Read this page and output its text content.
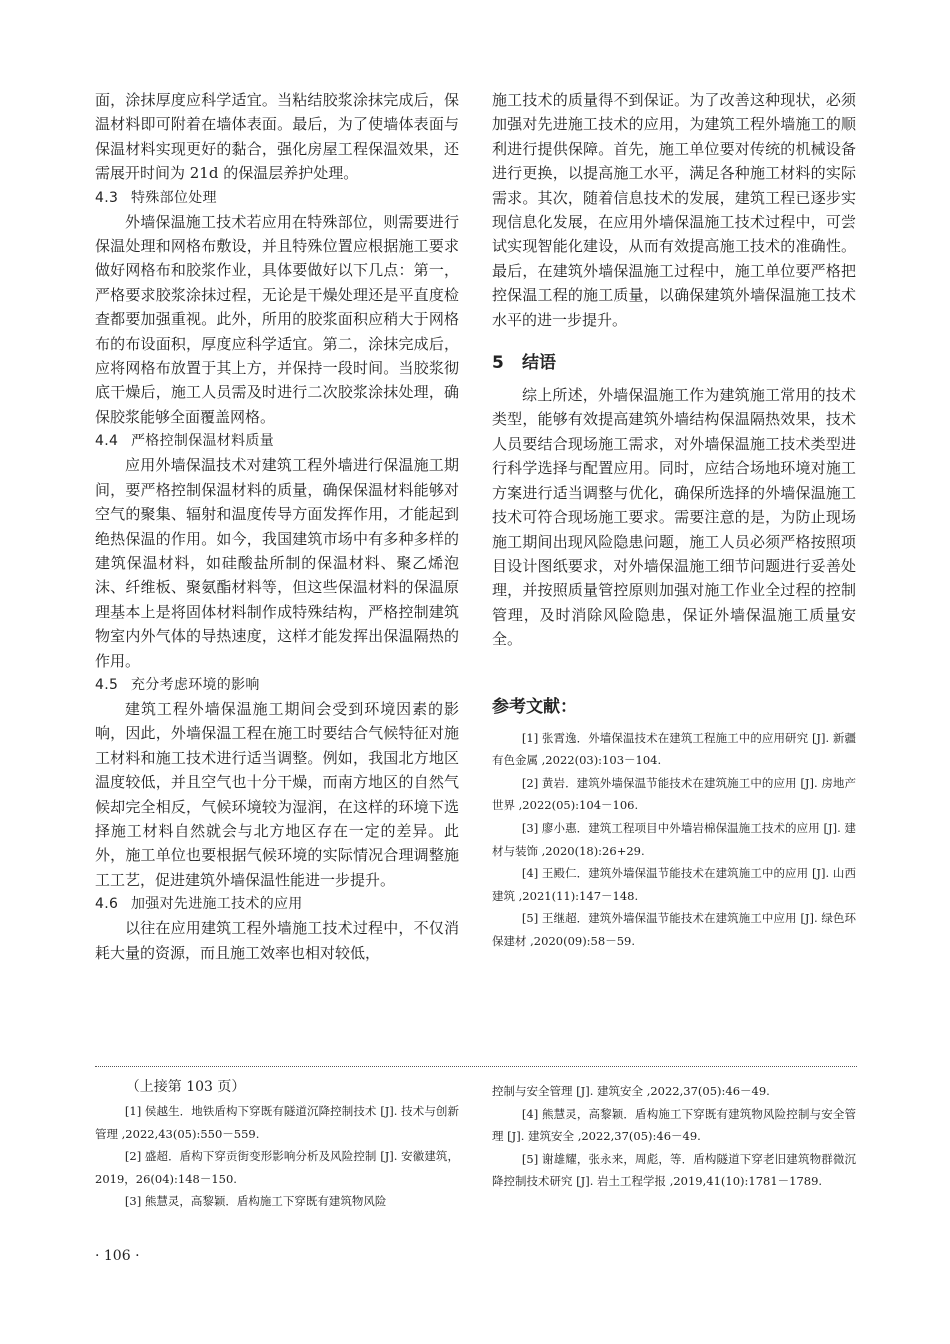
面，涂抹厚度应科学适宜。当粘结胶浆涂抹完成后，保温材料即可附着在墙体表面。最后，为了使墙体表面与保温材料实现更好的黏合，强化房屋工程保温效果，还需展开时间为 21d 的保温层养护处理。

4.3 特殊部位处理

外墙保温施工技术若应用在特殊部位，则需要进行保温处理和网格布敷设，并且特殊位置应根据施工要求做好网格布和胶浆作业，具体要做好以下几点：第一，严格要求胶浆涂抹过程，无论是干燥处理还是平直度检查都要加强重视。此外，所用的胶浆面积应稍大于网格布的布设面积，厚度应科学适宜。第二，涂抹完成后，应将网格布放置于其上方，并保持一段时间。当胶浆彻底干燥后，施工人员需及时进行二次胶浆涂抹处理，确保胶浆能够全面覆盖网格。

4.4 严格控制保温材料质量

应用外墙保温技术对建筑工程外墙进行保温施工期间，要严格控制保温材料的质量，确保保温材料能够对空气的聚集、辐射和温度传导方面发挥作用，才能起到绝热保温的作用。如今，我国建筑市场中有多种多样的建筑保温材料，如硅酸盐所制的保温材料、聚乙烯泡沫、纤维板、聚氨酯材料等，但这些保温材料的保温原理基本上是将固体材料制作成特殊结构，严格控制建筑物室内外气体的导热速度，这样才能发挥出保温隔热的作用。

4.5 充分考虑环境的影响

建筑工程外墙保温施工期间会受到环境因素的影响，因此，外墙保温工程在施工时要结合气候特征对施工材料和施工技术进行适当调整。例如，我国北方地区温度较低，并且空气也十分干燥，而南方地区的自然气候却完全相反，气候环境较为湿润，在这样的环境下选择施工材料自然就会与北方地区存在一定的差异。此外，施工单位也要根据气候环境的实际情况合理调整施工工艺，促进建筑外墙保温性能进一步提升。

4.6 加强对先进施工技术的应用

以往在应用建筑工程外墙施工技术过程中，不仅消耗大量的资源，而且施工效率也相对较低，

施工技术的质量得不到保证。为了改善这种现状，必须加强对先进施工技术的应用，为建筑工程外墙施工的顺利进行提供保障。首先，施工单位要对传统的机械设备进行更换，以提高施工水平，满足各种施工材料的实际需求。其次，随着信息技术的发展，建筑工程已逐步实现信息化发展，在应用外墙保温施工技术过程中，可尝试实现智能化建设，从而有效提高施工技术的准确性。最后，在建筑外墙保温施工过程中，施工单位要严格把控保温工程的施工质量，以确保建筑外墙保温施工技术水平的进一步提升。

5 结语

综上所述，外墙保温施工作为建筑施工常用的技术类型，能够有效提高建筑外墙结构保温隔热效果，技术人员要结合现场施工需求，对外墙保温施工技术类型进行科学选择与配置应用。同时，应结合场地环境对施工方案进行适当调整与优化，确保所选择的外墙保温施工技术可符合现场施工要求。需要注意的是，为防止现场施工期间出现风险隐患问题，施工人员必须严格按照项目设计图纸要求，对外墙保温施工细节问题进行妥善处理，并按照质量管控原则加强对施工作业全过程的控制管理，及时消除风险隐患，保证外墙保温施工质量安全。

参考文献：

[1] 张霄逸．外墙保温技术在建筑工程施工中的应用研究 [J]. 新疆有色金属 ,2022(03):103－104.

[2] 黄岩．建筑外墙保温节能技术在建筑施工中的应用 [J]. 房地产世界 ,2022(05):104－106.

[3] 廖小惠．建筑工程项目中外墙岩棉保温施工技术的应用 [J]. 建材与装饰 ,2020(18):26+29.

[4] 王殿仁．建筑外墙保温节能技术在建筑施工中的应用 [J]. 山西建筑 ,2021(11):147－148.

[5] 王继超．建筑外墙保温节能技术在建筑施工中应用 [J]. 绿色环保建材 ,2020(09):58－59.

（上接第 103 页）

[1] 侯越生．地铁盾构下穿既有隧道沉降控制技术 [J]. 技术与创新管理 ,2022,43(05):550－559.

[2] 盛超．盾构下穿贡街变形影响分析及风险控制 [J]. 安徽建筑，2019，26(04):148－150.

[3] 熊慧灵，高黎颖．盾构施工下穿既有建筑物风险

控制与安全管理 [J]. 建筑安全 ,2022,37(05):46－49.

[4] 熊慧灵，高黎颖．盾构施工下穿既有建筑物风险控制与安全管理 [J]. 建筑安全 ,2022,37(05):46－49.

[5] 谢雄耀，张永来，周彪，等．盾构隧道下穿老旧建筑物群微沉降控制技术研究 [J]. 岩土工程学报 ,2019,41(10):1781－1789.

· 106 ·
